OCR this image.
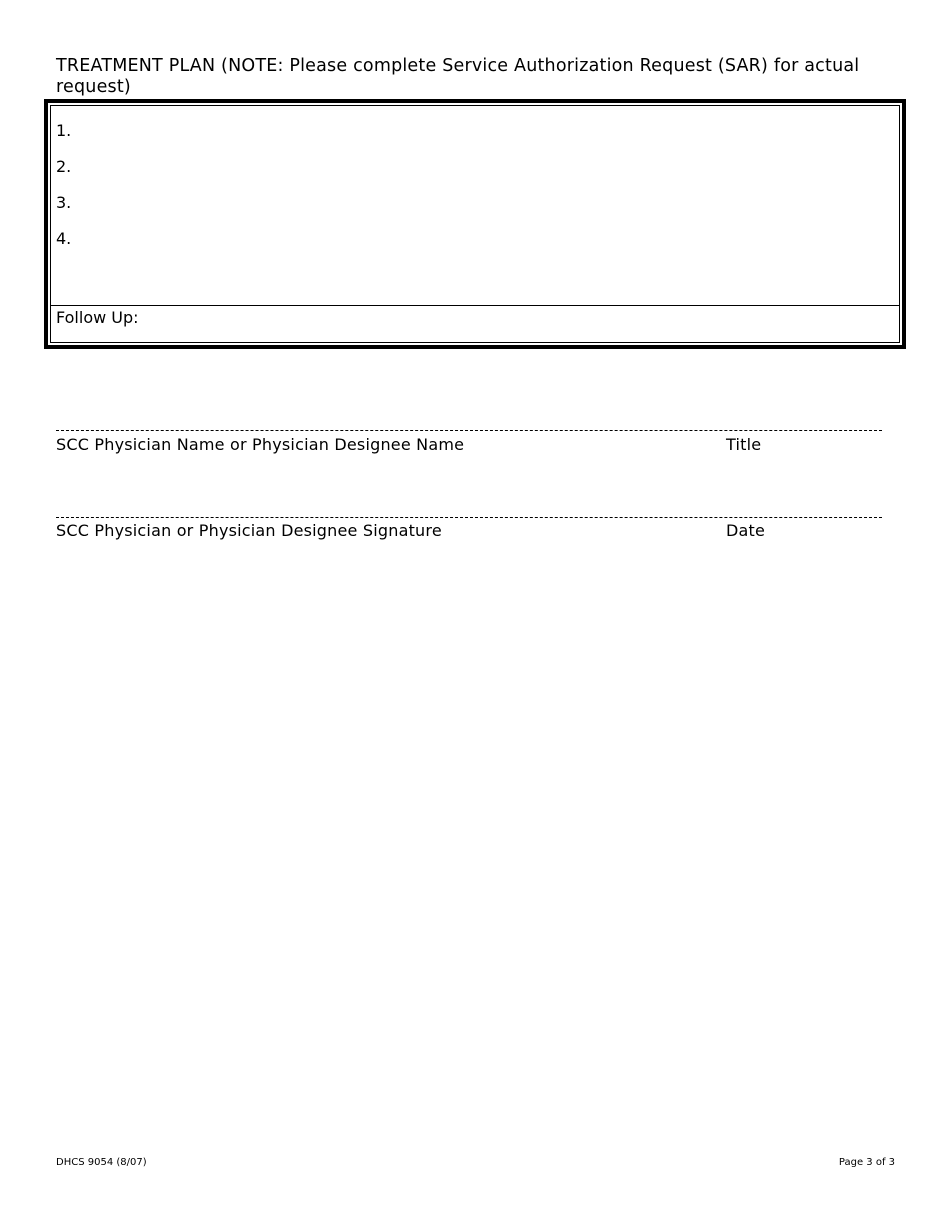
TREATMENT PLAN (NOTE: Please complete Service Authorization Request (SAR) for actual request)
1.
2.
3.
4.
Follow Up:
SCC Physician Name or Physician Designee Name	Title
SCC Physician or Physician Designee Signature	Date
DHCS 9054 (8/07)	Page 3 of 3
